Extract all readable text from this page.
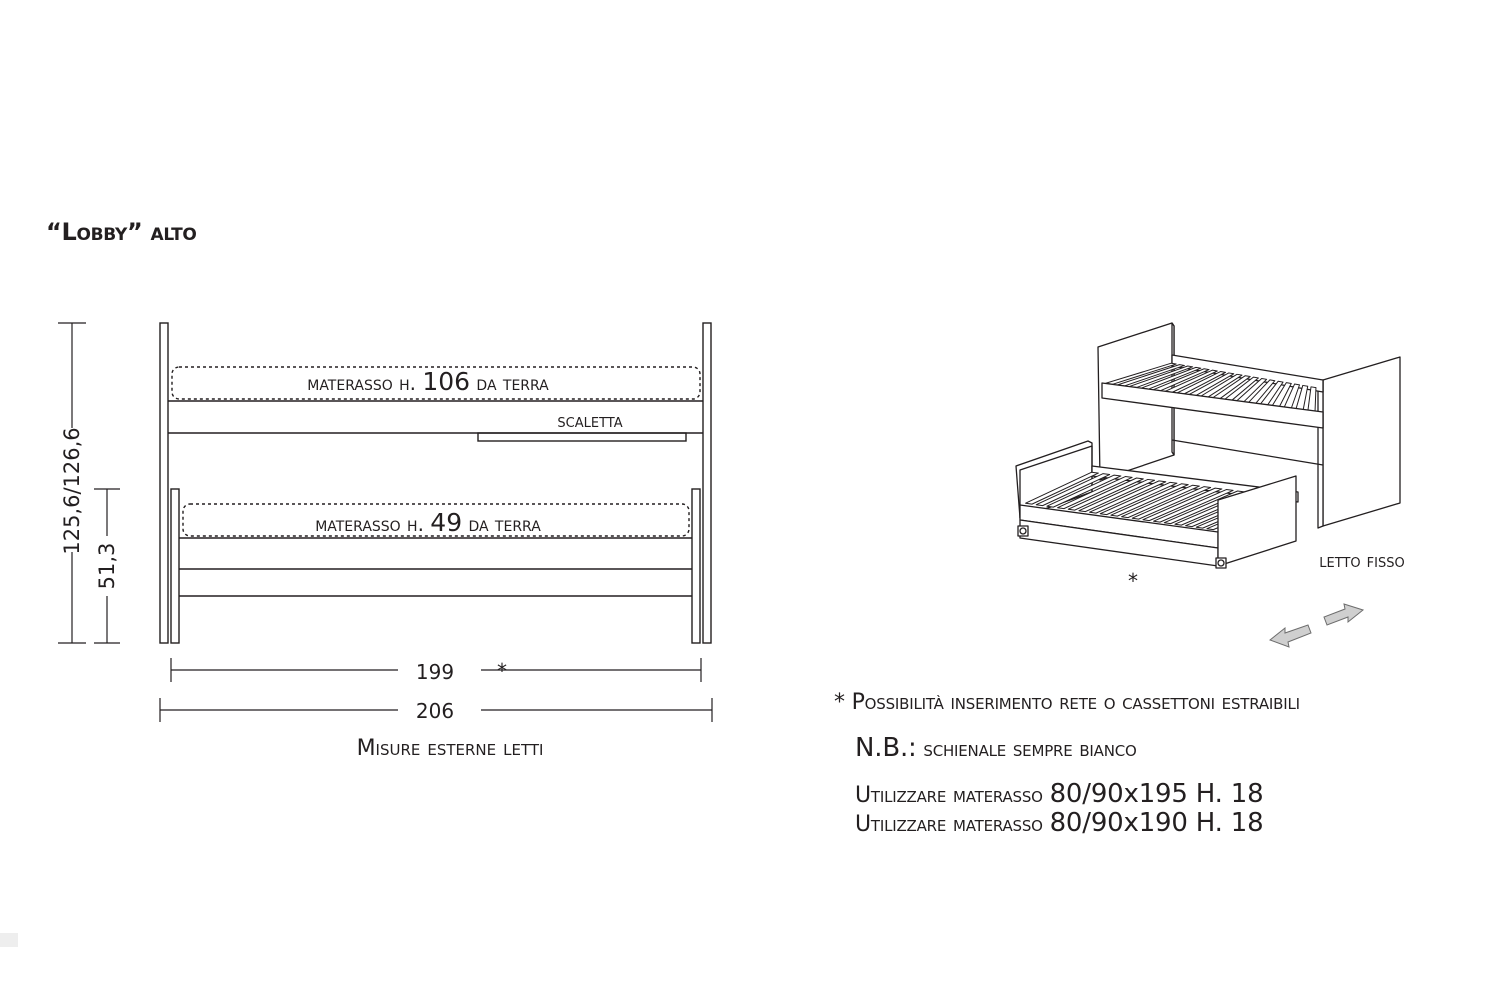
“Lobby” alto
125,6/126,6
51,3
199
206
*
materasso h. 106 da terra
scaletta
materasso h. 49 da terra
Misure esterne letti
letto fisso
*
* Possibilità inserimento rete o cassettoni estraibili
N.B.: schienale sempre bianco
Utilizzare materasso 80/90x195 H. 18
Utilizzare materasso 80/90x190 H. 18
